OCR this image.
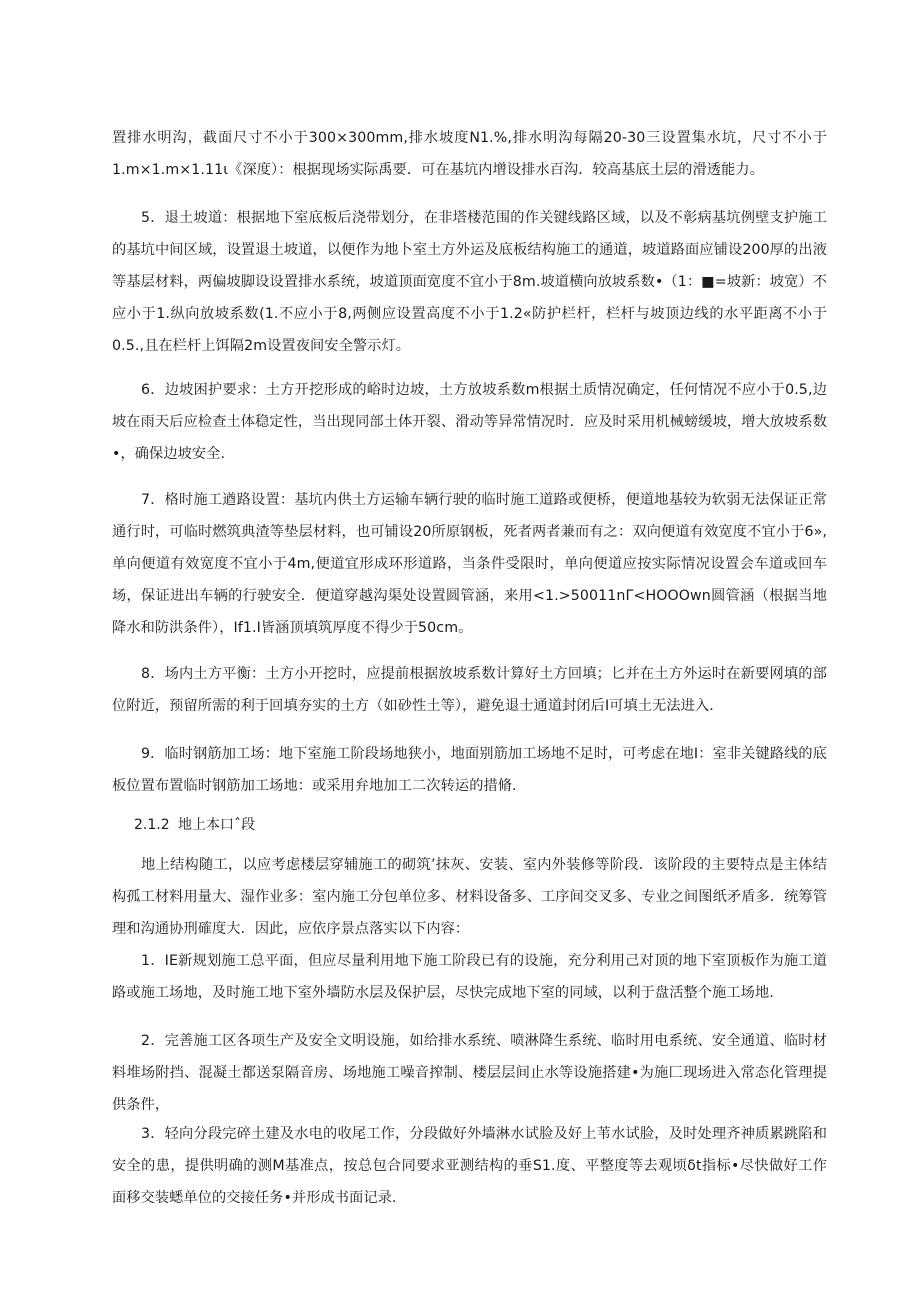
置排水明沟，截面尺寸不小于300×300mm,排水坡度N1.%,排水明沟每隔20-30三设置集水坑，尺寸不小于1.m×1.m×1.11ι《深度）：根据现场实际禹要．可在基坑内增设排水百沟．较高基底土层的滑透能力。

5．退土坡道：根据地下室底板后浇带划分，在非塔楼范围的作关键线路区域，以及不彰病基坑例壁支护施工的基坑中间区域，设置退土坡道，以便作为地卜室土方外运及底板结构施工的通道，坡道路面应铺设200厚的出液等基层材料，两偏坡脚设设置排水系统，坡道顶面宽度不宜小于8m.坡道横向放坡系数•（1：■=坡新：坡宽）不应小于1.纵向放坡系数(1.不应小于8,两侧应设置高度不小于1.2«防护栏杆，栏杆与坡顶边线的水平距离不小于0.5.,且在栏杆上饵隔2m设置夜间安全警示灯。

6．边坡困护要求：土方开挖形成的峪时边坡，土方放坡系数m根据土质情况确定，任何情况不应小于0.5,边坡在雨天后应检查土体稳定性，当出现同部土体开裂、滑动等异常情况时．应及时采用机械螃缓坡，增大放坡系数•，确保边坡安全.

7．格时施工遒路设置：基坑内供土方运输车辆行驶的临时施工道路或便桥，便道地基较为软弱无法保证正常通行时，可临时燃筑典渣等垫层材料，也可铺设20所原钢板，死者两者兼而有之：双向便道有效宽度不宜小于6»,单向便道有效宽度不宜小于4m,便道宜形成环形道路，当条件受限时，单向便道应按实际情况设置会车道或回车场，保证进出车辆的行驶安全．便道穿越沟渠处设置圆管涵，来用<1.>50011nΓ<HOOOwn圆管涵（根据当地降水和防洪条件），If1.I皆涵顶填筑厚度不得少于50cm。

8．场内土方平衡：土方小开挖时，应提前根据放坡系数计算好土方回填；匕并在土方外运时在新要网填的部位附近，预留所需的利于回填夯实的土方（如砂性土等），避免退士通道封闭后I可填土无法进入.

9．临时钢筋加工场：地下室施工阶段场地狭小，地面别筋加工场地不足时，可考虑在地I：室非关键路线的底板位置布置临时钢筋加工场地：或采用弁地加工二次转运的措脩.

2.1.2 地上本口ˆ段

地上结构随工，以应考虑楼层穿辅施工的砌筑’抹灰、安装、室内外装修等阶段．该阶段的主要特点是主体结构孤工材料用量大、湿作业多：室内施工分包单位多、材料设备多、工序间交叉多、专业之间图纸矛盾多．统筹管理和沟通协刑確度大．因此，应依序景点落实以下内容：

1．IE新规划施工总平面，但应尽量利用地下施工阶段已有的设施，充分利用己对顶的地下室顶板作为施工道路或施工场地，及时施工地下室外墙防水层及保护层，尽快完成地下室的同域，以利于盘活整个施工场地.

2．完善施工区各项生产及安全文明设施，如给排水系统、喷淋降生系统、临时用电系统、安全通道、临时材料堆场附挡、混凝土都送泵隔音房、场地施工噪音搾制、楼层层间止水等设施搭建•为施匚现场进入常态化管理提供条件，

3．轻向分段完碎土建及水电的收尾工作，分段做好外墙淋水试脸及好上苇水试脸，及时处理齐神质累跳陷和安全的患，提供明确的测M基准点，按总包合同要求亚测结构的垂S1.度、平整度等去观顷δt指标•尽快做好工作面移交装蟋单位的交接任务•并形成书面记录.
